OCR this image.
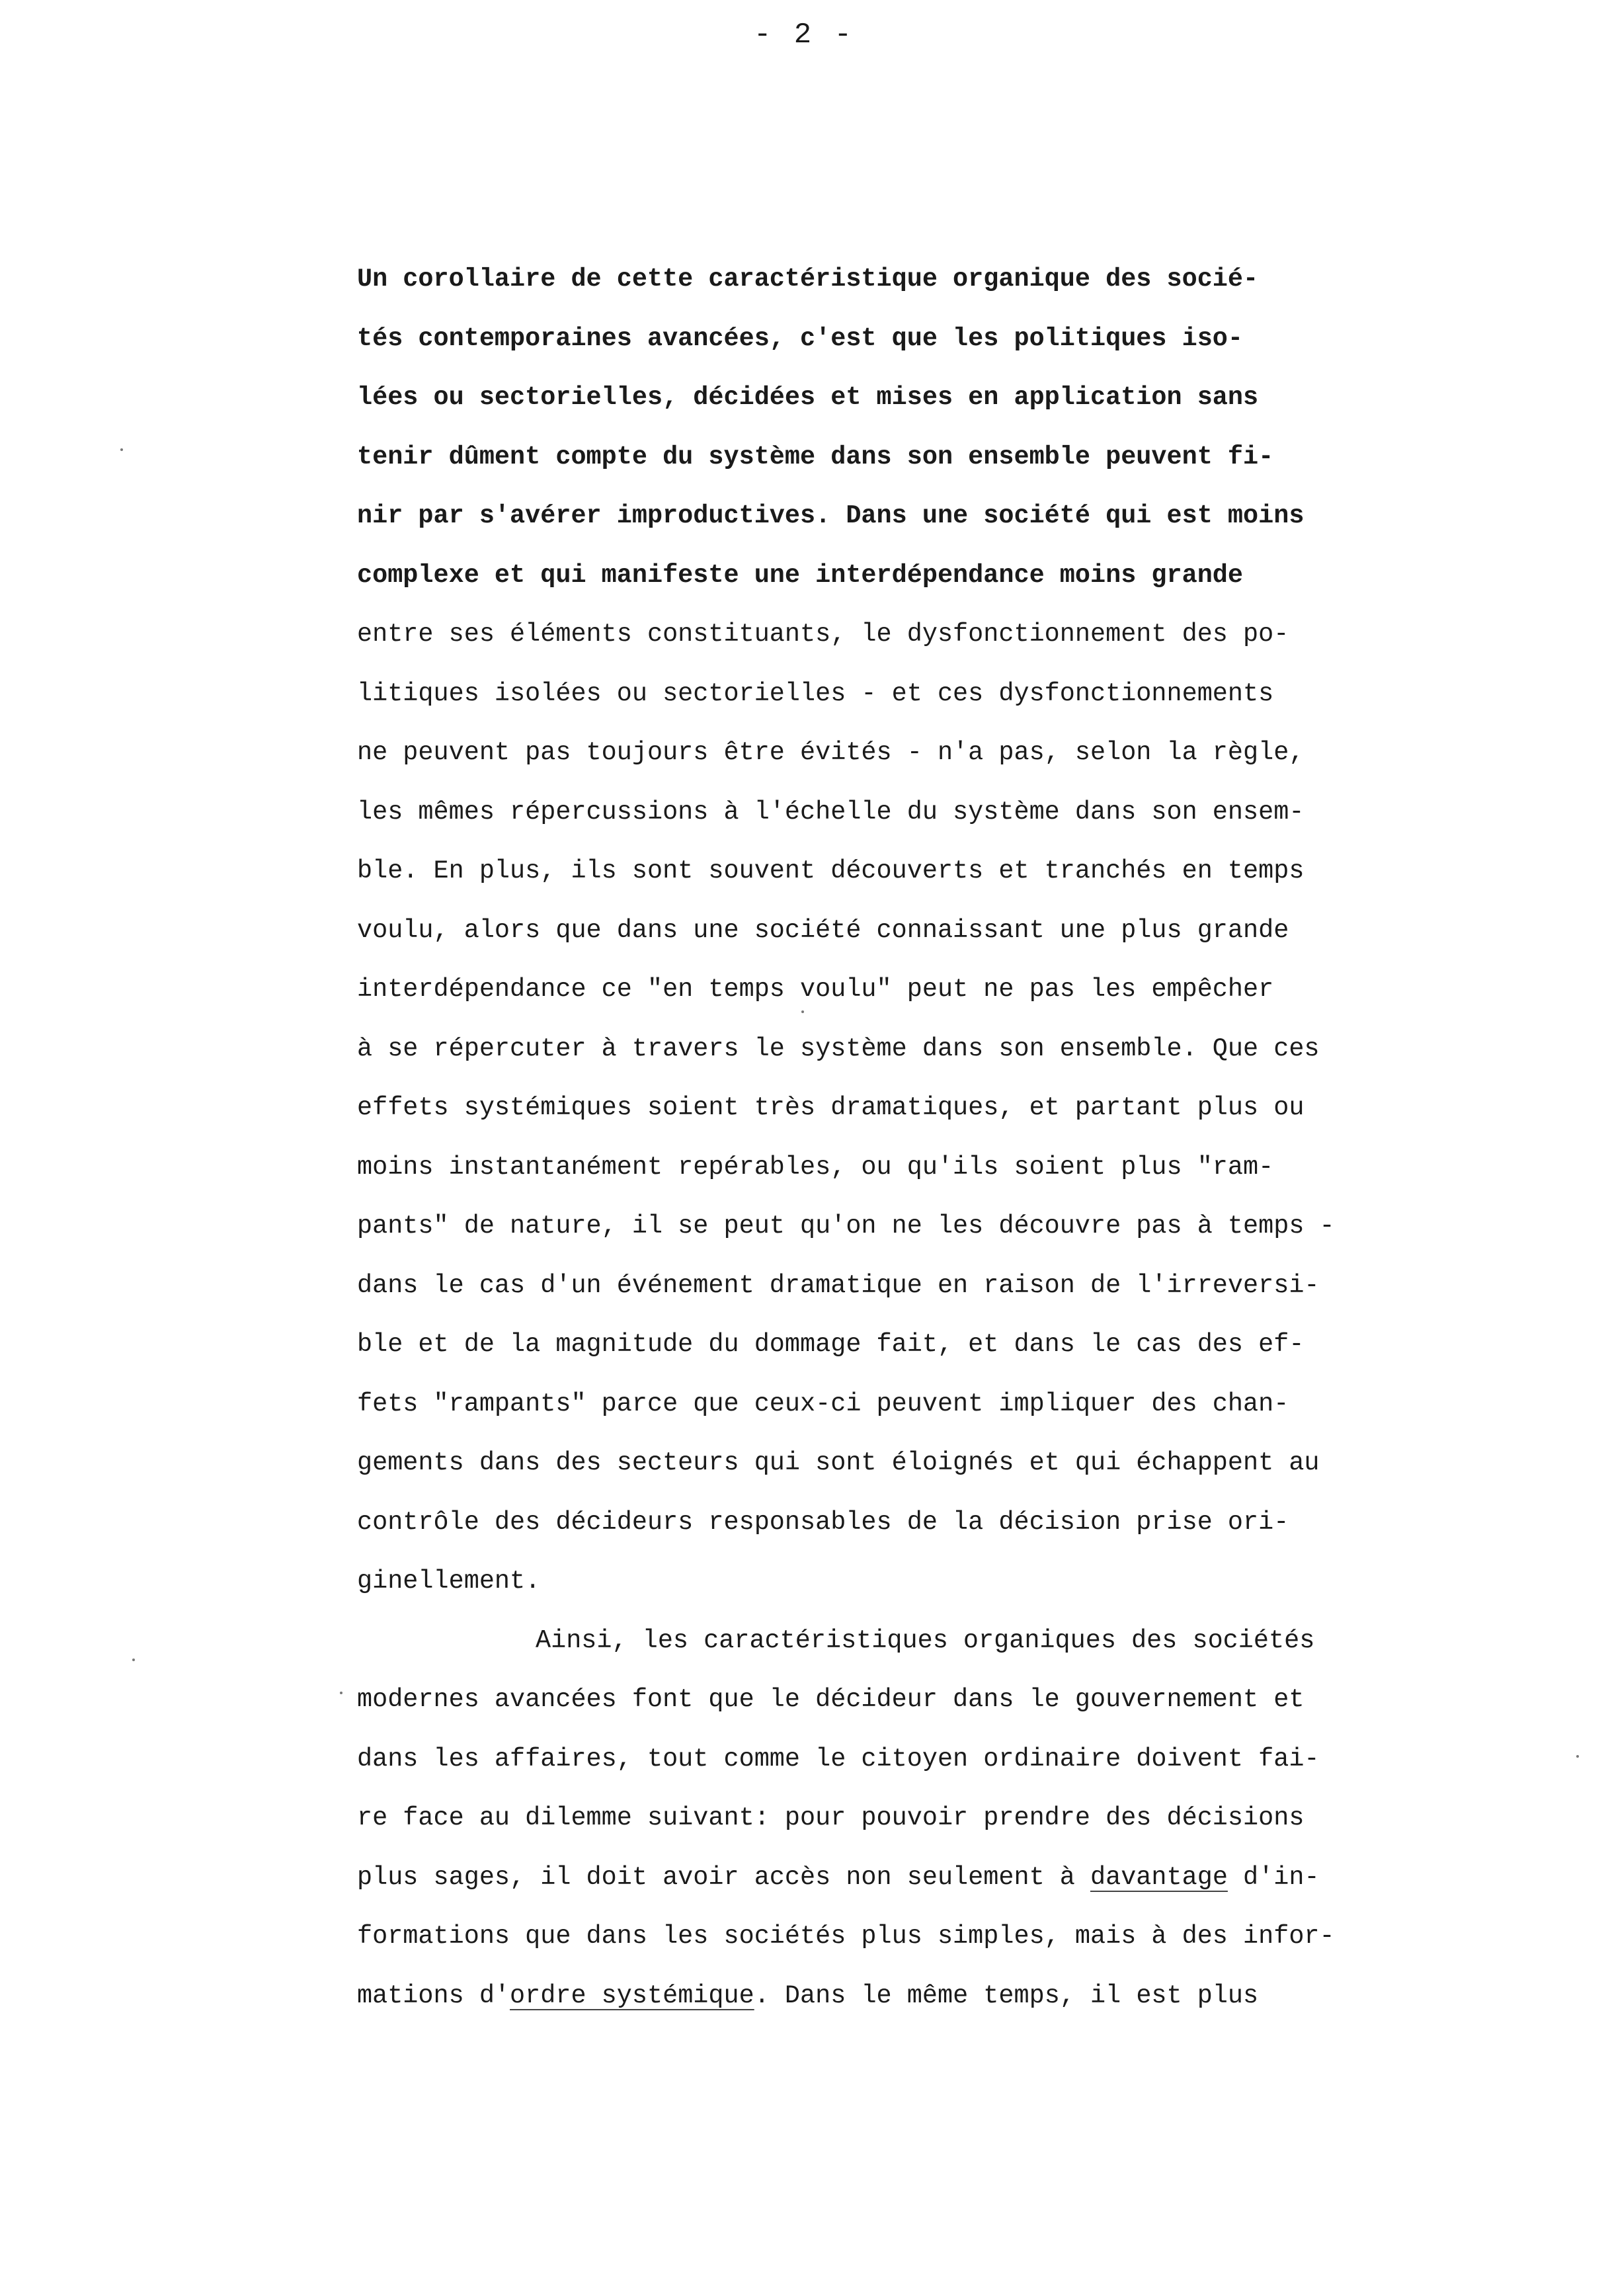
- 2 -
Un corollaire de cette caractéristique organique des socié-
tés contemporaines avancées, c'est que les politiques iso-
lées ou sectorielles, décidées et mises en application sans
tenir dûment compte du système dans son ensemble peuvent fi-
nir par s'avérer improductives. Dans une société qui est moins
complexe et qui manifeste une interdépendance moins grande
entre ses éléments constituants, le dysfonctionnement des po-
litiques isolées ou sectorielles - et ces dysfonctionnements
ne peuvent pas toujours être évités - n'a pas, selon la règle,
les mêmes répercussions à l'échelle du système dans son ensem-
ble. En plus, ils sont souvent découverts et tranchés en temps
voulu, alors que dans une société connaissant une plus grande
interdépendance ce "en temps voulu" peut ne pas les empêcher
à se répercuter à travers le système dans son ensemble. Que ces
effets systémiques soient très dramatiques, et partant plus ou
moins instantanément repérables, ou qu'ils soient plus "ram-
pants" de nature, il se peut qu'on ne les découvre pas à temps -
dans le cas d'un événement dramatique en raison de l'irreversi-
ble et de la magnitude du dommage fait, et dans le cas des ef-
fets "rampants" parce que ceux-ci peuvent impliquer des chan-
gements dans des secteurs qui sont éloignés et qui échappent au
contrôle des décideurs responsables de la décision prise ori-
ginellement.
Ainsi, les caractéristiques organiques des sociétés
modernes avancées font que le décideur dans le gouvernement et
dans les affaires, tout comme le citoyen ordinaire doivent fai-
re face au dilemme suivant: pour pouvoir prendre des décisions
plus sages, il doit avoir accès non seulement à davantage d'in-
formations que dans les sociétés plus simples, mais à des infor-
mations d'ordre systémique. Dans le même temps, il est plus
